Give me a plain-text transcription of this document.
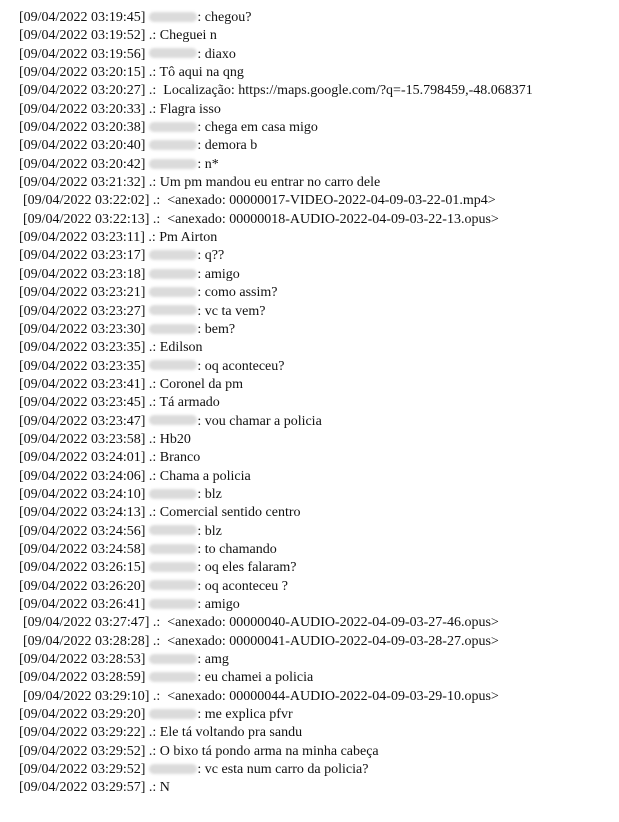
[09/04/2022 03:19:45]	: chegou?
[09/04/2022 03:19:52] .: Cheguei n
[09/04/2022 03:19:56]	: diaxo
[09/04/2022 03:20:15] .: Tô aqui na qng
[09/04/2022 03:20:27] .:  Localização: https://maps.google.com/?q=-15.798459,-48.068371
[09/04/2022 03:20:33] .: Flagra isso
[09/04/2022 03:20:38]	: chega em casa migo
[09/04/2022 03:20:40]	: demora b
[09/04/2022 03:20:42]	: n*
[09/04/2022 03:21:32] .: Um pm mandou eu entrar no carro dele
[09/04/2022 03:22:02] .:  <anexado: 00000017-VIDEO-2022-04-09-03-22-01.mp4>
[09/04/2022 03:22:13] .:  <anexado: 00000018-AUDIO-2022-04-09-03-22-13.opus>
[09/04/2022 03:23:11] .: Pm Airton
[09/04/2022 03:23:17]	: q??
[09/04/2022 03:23:18]	: amigo
[09/04/2022 03:23:21]	: como assim?
[09/04/2022 03:23:27]	: vc ta vem?
[09/04/2022 03:23:30]	: bem?
[09/04/2022 03:23:35] .: Edilson
[09/04/2022 03:23:35]	: oq aconteceu?
[09/04/2022 03:23:41] .: Coronel da pm
[09/04/2022 03:23:45] .: Tá armado
[09/04/2022 03:23:47]	: vou chamar a policia
[09/04/2022 03:23:58] .: Hb20
[09/04/2022 03:24:01] .: Branco
[09/04/2022 03:24:06] .: Chama a policia
[09/04/2022 03:24:10]	: blz
[09/04/2022 03:24:13] .: Comercial sentido centro
[09/04/2022 03:24:56]	: blz
[09/04/2022 03:24:58]	: to chamando
[09/04/2022 03:26:15]	: oq eles falaram?
[09/04/2022 03:26:20]	: oq aconteceu ?
[09/04/2022 03:26:41]	: amigo
[09/04/2022 03:27:47] .:  <anexado: 00000040-AUDIO-2022-04-09-03-27-46.opus>
[09/04/2022 03:28:28] .:  <anexado: 00000041-AUDIO-2022-04-09-03-28-27.opus>
[09/04/2022 03:28:53]	: amg
[09/04/2022 03:28:59]	: eu chamei a policia
[09/04/2022 03:29:10] .:  <anexado: 00000044-AUDIO-2022-04-09-03-29-10.opus>
[09/04/2022 03:29:20]	: me explica pfvr
[09/04/2022 03:29:22] .: Ele tá voltando pra sandu
[09/04/2022 03:29:52] .: O bixo tá pondo arma na minha cabeça
[09/04/2022 03:29:52]	: vc esta num carro da policia?
[09/04/2022 03:29:57] .: N
